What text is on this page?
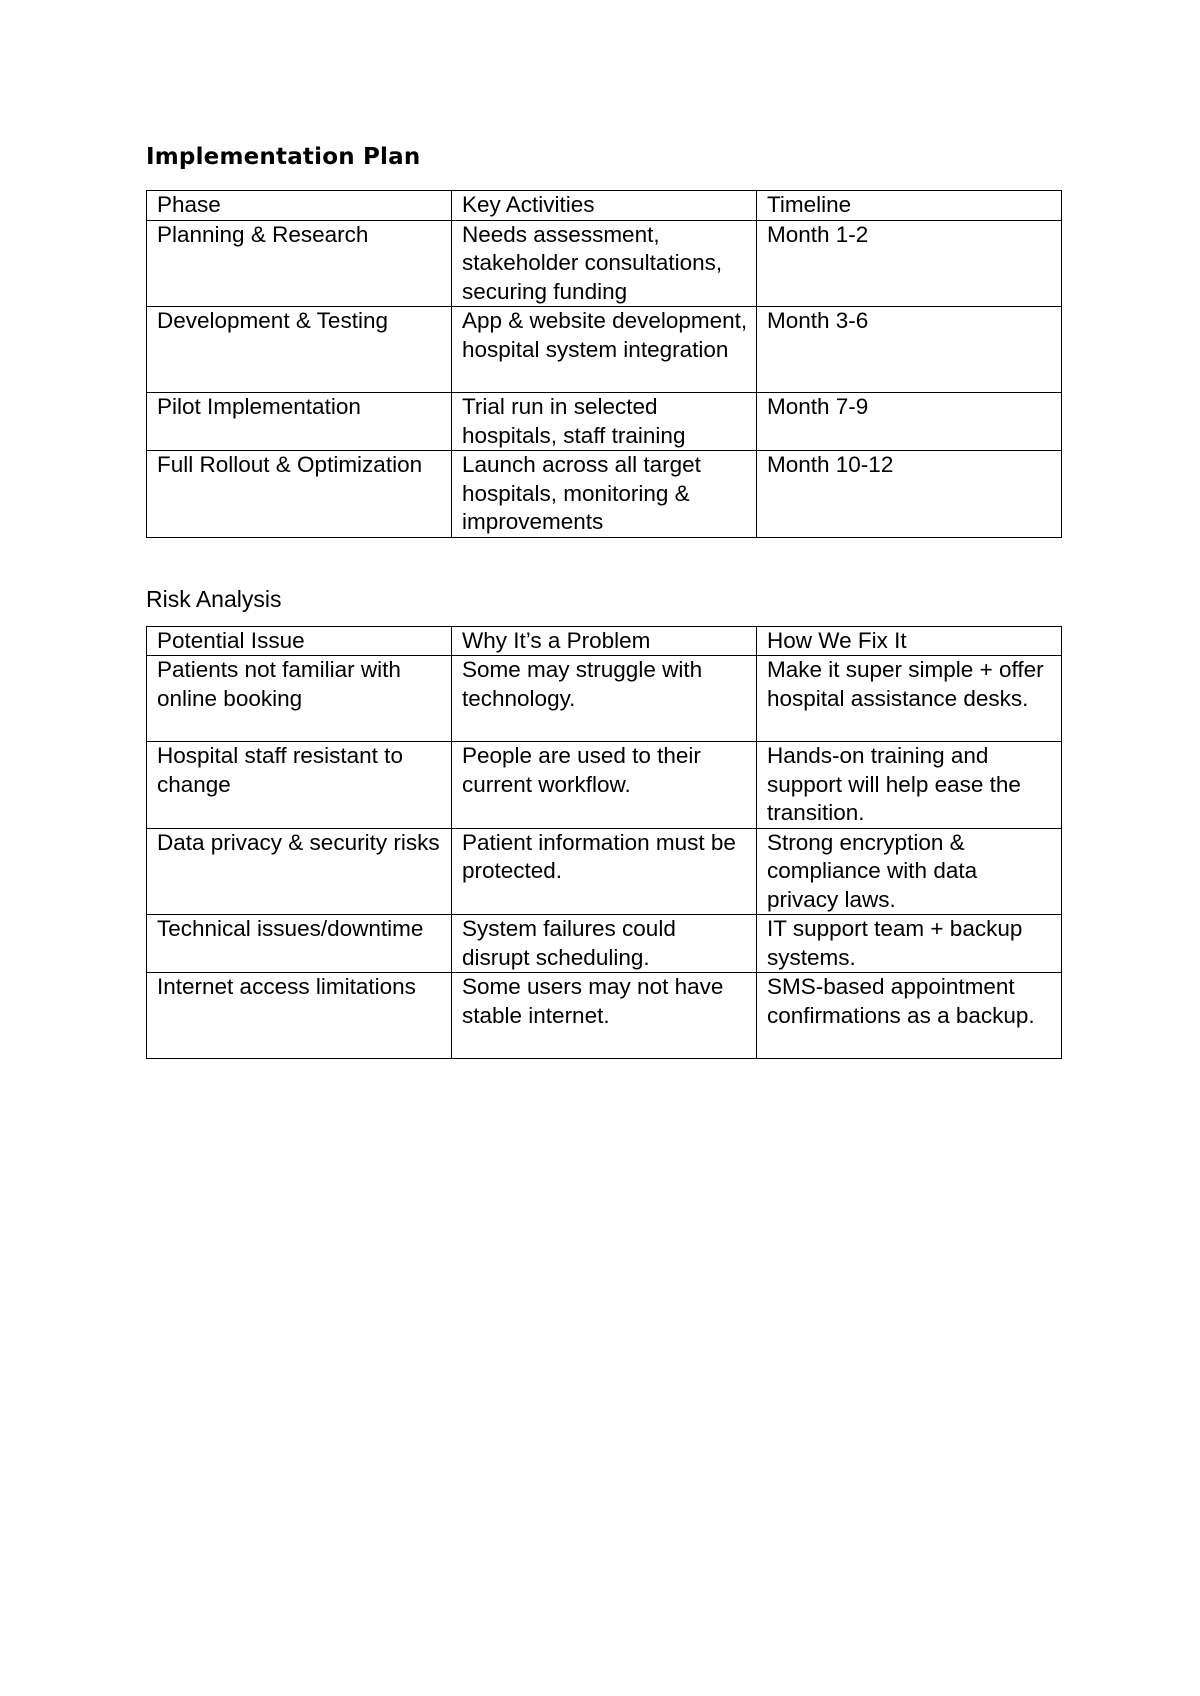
Implementation Plan
Phase	Key Activities	Timeline
Planning & Research	Needs assessment, stakeholder consultations, securing funding	Month 1-2
Development & Testing	App & website development, hospital system integration	Month 3-6
Pilot Implementation	Trial run in selected hospitals, staff training	Month 7-9
Full Rollout & Optimization	Launch across all target hospitals, monitoring & improvements	Month 10-12
Risk Analysis
Potential Issue	Why It’s a Problem	How We Fix It
Patients not familiar with online booking	Some may struggle with technology.	Make it super simple + offer hospital assistance desks.
Hospital staff resistant to change	People are used to their current workflow.	Hands-on training and support will help ease the transition.
Data privacy & security risks	Patient information must be protected.	Strong encryption & compliance with data privacy laws.
Technical issues/downtime	System failures could disrupt scheduling.	IT support team + backup systems.
Internet access limitations	Some users may not have stable internet.	SMS-based appointment confirmations as a backup.
